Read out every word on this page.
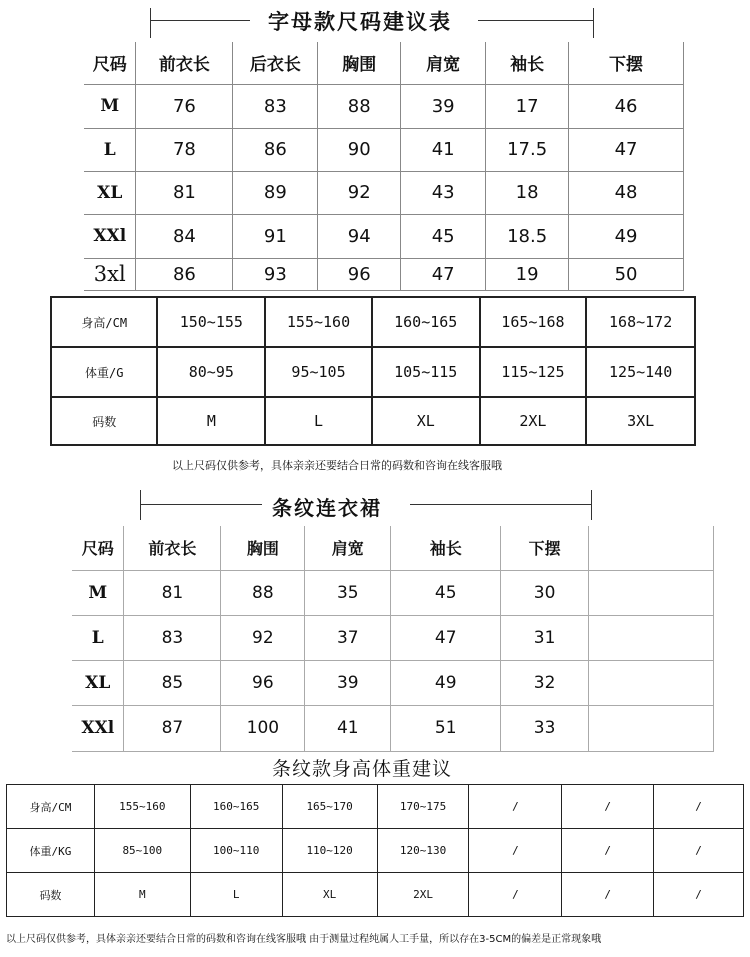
字母款尺码建议表
尺码	前衣长	后衣长	胸围	肩宽	袖长	下摆
M	76	83	88	39	17	46
L	78	86	90	41	17.5	47
XL	81	89	92	43	18	48
XXl	84	91	94	45	18.5	49
3xl	86	93	96	47	19	50
身高/CM	150~155	155~160	160~165	165~168	168~172
体重/G	80~95	95~105	105~115	115~125	125~140
码数	M	L	XL	2XL	3XL
以上尺码仅供参考，具体亲亲还要结合日常的码数和咨询在线客服哦
条纹连衣裙
尺码	前衣长	胸围	肩宽	袖长	下摆	
M	81	88	35	45	30	
L	83	92	37	47	31	
XL	85	96	39	49	32	
XXl	87	100	41	51	33	
条纹款身高体重建议
身高/CM	155~160	160~165	165~170	170~175	/	/	/
体重/KG	85~100	100~110	110~120	120~130	/	/	/
码数	M	L	XL	2XL	/	/	/
以上尺码仅供参考，具体亲亲还要结合日常的码数和咨询在线客服哦 由于测量过程纯属人工手量，所以存在3-5CM的偏差是正常现象哦
